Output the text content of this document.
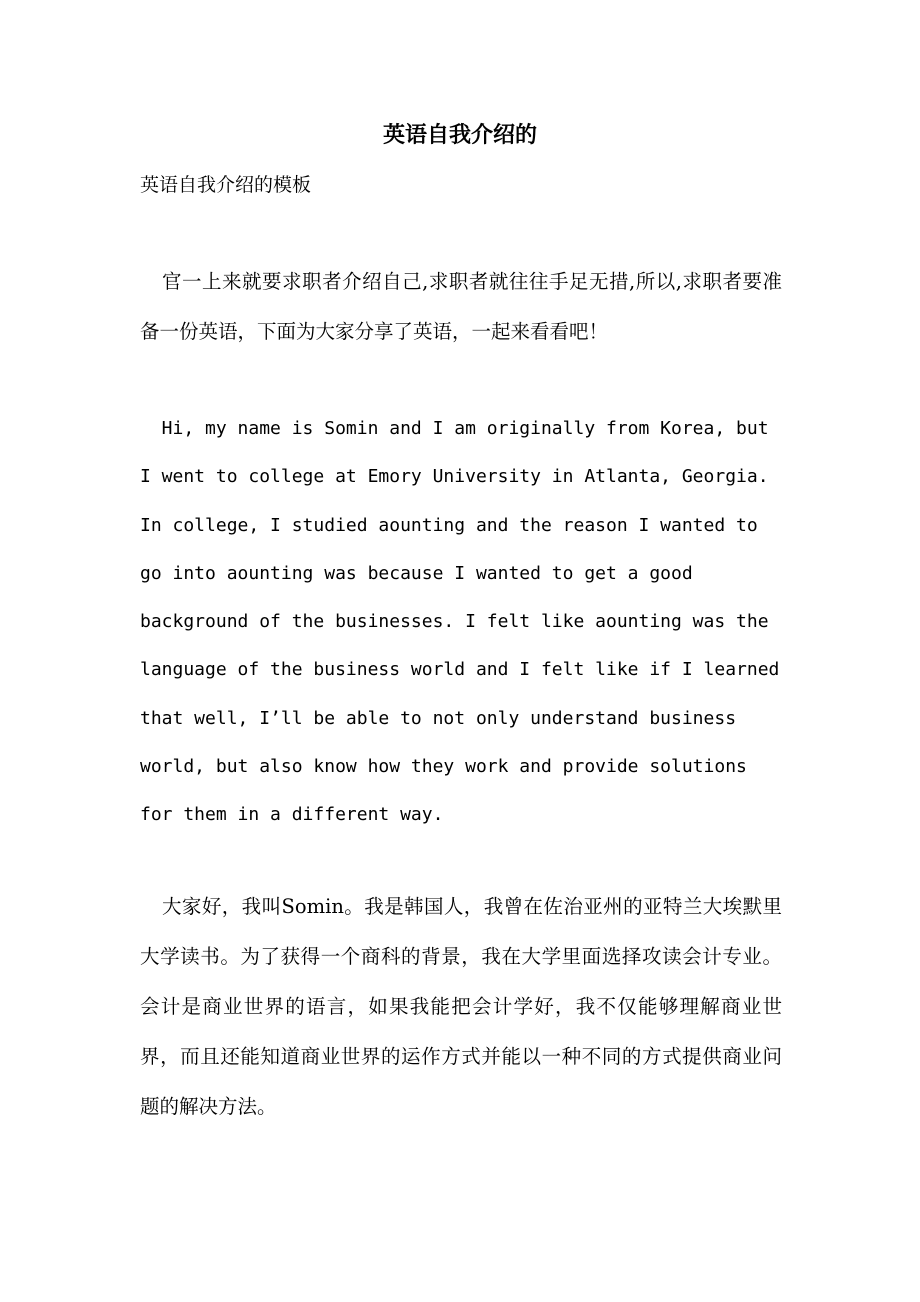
英语自我介绍的

英语自我介绍的模板

官一上来就要求职者介绍自己,求职者就往往手足无措,所以,求职者要准备一份英语，下面为大家分享了英语，一起来看看吧！

Hi, my name is Somin and I am originally from Korea, but
I went to college at Emory University in Atlanta, Georgia.
In college, I studied aounting and the reason I wanted to
go into aounting was because I wanted to get a good
background of the businesses. I felt like aounting was the
language of the business world and I felt like if I learned
that well, I’ll be able to not only understand business
world, but also know how they work and provide solutions
for them in a different way.

大家好，我叫Somin。我是韩国人，我曾在佐治亚州的亚特兰大埃默里大学读书。为了获得一个商科的背景，我在大学里面选择攻读会计专业。会计是商业世界的语言，如果我能把会计学好，我不仅能够理解商业世界，而且还能知道商业世界的运作方式并能以一种不同的方式提供商业问题的解决方法。
